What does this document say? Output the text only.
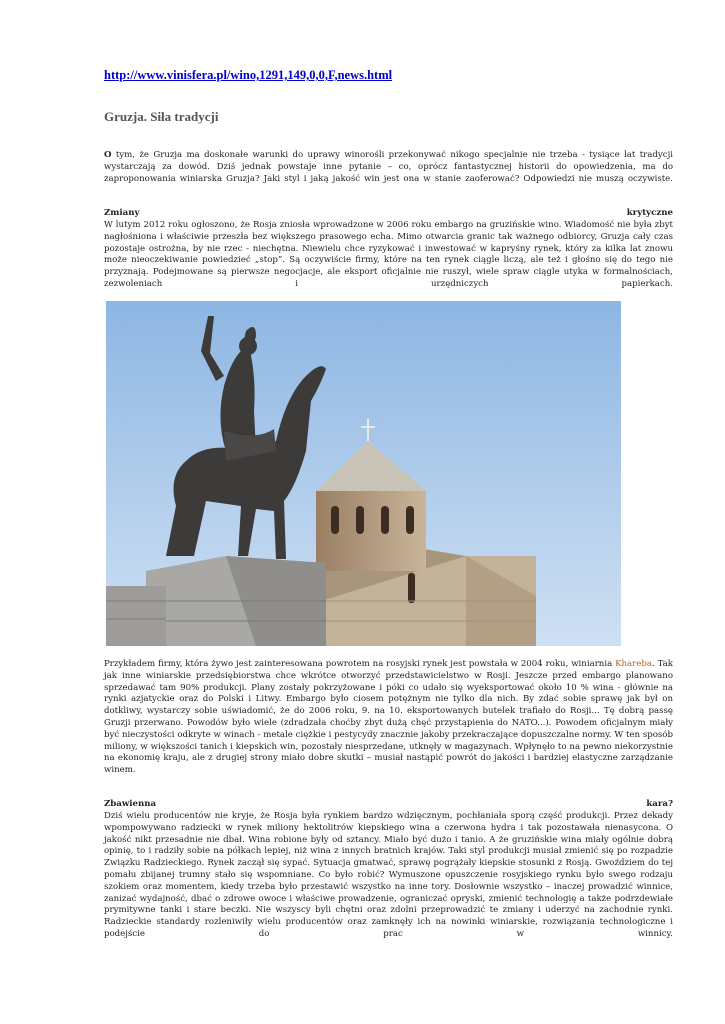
http://www.vinisfera.pl/wino,1291,149,0,0,F,news.html
Gruzja. Siła tradycji
O tym, że Gruzja ma doskonałe warunki do uprawy winorośli przekonywać nikogo specjalnie nie trzeba - tysiące lat tradycji wystarczają za dowód. Dziś jednak powstaje inne pytanie – co, oprócz fantastycznej historii do opowiedzenia, ma do zaproponowania winiarska Gruzja? Jaki styl i jaką jakość win jest ona w stanie zaoferować? Odpowiedzi nie muszą oczywiste.
Zmiany	krytyczne
W lutym 2012 roku ogłoszono, że Rosja zniosła wprowadzone w 2006 roku embargo na gruzińskie wino. Wiadomość nie była zbyt nagłośniona i właściwie przeszła bez większego prasowego echa. Mimo otwarcia granic tak ważnego odbiorcy, Gruzja cały czas pozostaje ostrożna, by nie rzec - niechętna. Niewielu chce ryzykować i inwestować w kapryśny rynek, który za kilka lat znowu może nieoczekiwanie powiedzieć „stop”. Są oczywiście firmy, które na ten rynek ciągle liczą, ale też i głośno się do tego nie przyznają. Podejmowane są pierwsze negocjacje, ale eksport oficjalnie nie ruszył, wiele spraw ciągle utyka w formalnościach, zezwoleniach i urzędniczych papierkach.
Przykładem firmy, która żywo jest zainteresowana powrotem na rosyjski rynek jest powstała w 2004 roku, winiarnia Khareba. Tak jak inne winiarskie przedsiębiorstwa chce wkrótce otworzyć przedstawicielstwo w Rosji. Jeszcze przed embargo planowano sprzedawać tam 90% produkcji. Plany zostały pokrzyżowane i póki co udało się wyeksportować około 10 % wina - głównie na rynki azjatyckie oraz do Polski i Litwy. Embargo było ciosem potężnym nie tylko dla nich. By zdać sobie sprawę jak był on dotkliwy, wystarczy sobie uświadomić, że do 2006 roku, 9. na 10. eksportowanych butelek trafiało do Rosji... Tę dobrą passę Gruzji przerwano. Powodów było wiele (zdradzała choćby zbyt dużą chęć przystąpienia do NATO...). Powodem oficjalnym miały być nieczystości odkryte w winach - metale ciężkie i pestycydy znacznie jakoby przekraczające dopuszczalne normy. W ten sposób miliony, w większości tanich i kiepskich win, pozostały niesprzedane, utknęły w magazynach. Wpłynęło to na pewno niekorzystnie na ekonomię kraju, ale z drugiej strony miało dobre skutki – musiał nastąpić powrót do jakości i bardziej elastyczne zarządzanie winem.
Zbawienna	kara?
Dziś wielu producentów nie kryje, że Rosja była rynkiem bardzo wdzięcznym, pochłaniała sporą część produkcji. Przez dekady wpompowywano radziecki w rynek miliony hektolitrów kiepskiego wina a czerwona hydra i tak pozostawała nienasycona. O jakość nikt przesadnie nie dbał. Wina robione były od sztancy. Miało być dużo i tanio. A że gruzińskie wina miały ogólnie dobrą opinię, to i radziły sobie na półkach lepiej, niż wina z innych bratnich krajów. Taki styl produkcji musiał zmienić się po rozpadzie Związku Radzieckiego. Rynek zaczął się sypać. Sytuacja gmatwać, sprawę pogrążały kiepskie stosunki z Rosją. Gwoździem do tej pomału zbijanej trumny stało się wspomniane. Co było robić? Wymuszone opuszczenie rosyjskiego rynku było swego rodzaju szokiem oraz momentem, kiedy trzeba było przestawić wszystko na inne tory. Dosłownie wszystko – inaczej prowadzić winnice, zanizać wydajność, dbać o zdrowe owoce i właściwe prowadzenie, ograniczać opryski, zmienić technologię a także podrzdewiałe prymitywne tanki i stare beczki. Nie wszyscy byli chętni oraz zdolni przeprowadzić te zmiany i uderzyć na zachodnie rynki. Radzieckie standardy rozleniwiły wielu producentów oraz zamknęły ich na nowinki winiarskie, rozwiązania technologiczne i podejście do prac w winnicy.
